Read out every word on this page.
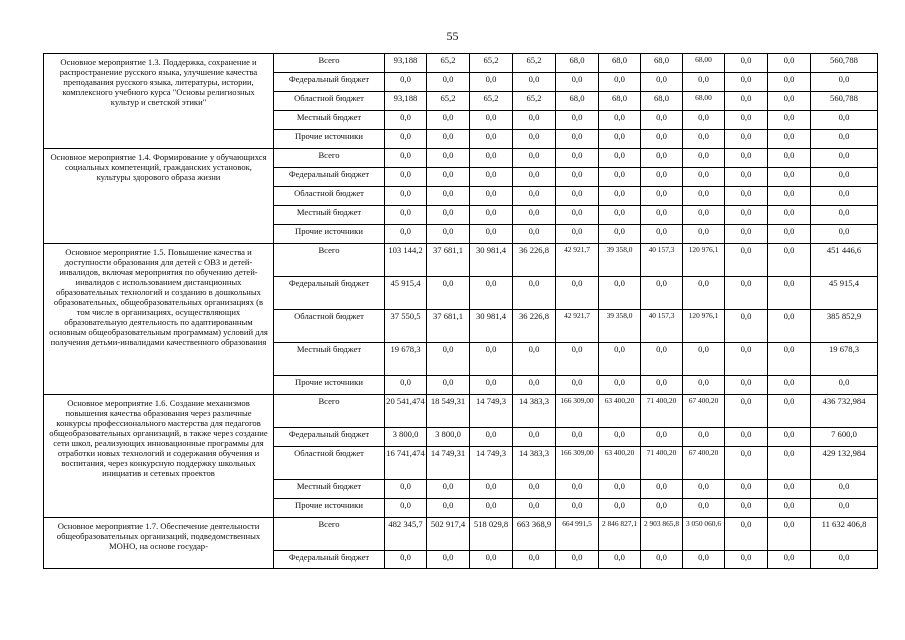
55
Основное мероприятие 1.3. Поддержка, сохранение и распространение русского языка, улучшение качества преподавания русского языка, литературы, истории, комплексного учебного курса "Основы религиозных культур и светской этики"	Всего	93,188	65,2	65,2	65,2	68,0	68,0	68,0	68,00	0,0	0,0	560,788
	Федеральный бюджет	0,0	0,0	0,0	0,0	0,0	0,0	0,0	0,0	0,0	0,0	0,0
	Областной бюджет	93,188	65,2	65,2	65,2	68,0	68,0	68,0	68,00	0,0	0,0	560,788
	Местный бюджет	0,0	0,0	0,0	0,0	0,0	0,0	0,0	0,0	0,0	0,0	0,0
	Прочие источники	0,0	0,0	0,0	0,0	0,0	0,0	0,0	0,0	0,0	0,0	0,0
Основное мероприятие 1.4. Формирование у обучающихся социальных компетенций, гражданских установок, культуры здорового образа жизни	Всего	0,0	0,0	0,0	0,0	0,0	0,0	0,0	0,0	0,0	0,0	0,0
	Федеральный бюджет	0,0	0,0	0,0	0,0	0,0	0,0	0,0	0,0	0,0	0,0	0,0
	Областной бюджет	0,0	0,0	0,0	0,0	0,0	0,0	0,0	0,0	0,0	0,0	0,0
	Местный бюджет	0,0	0,0	0,0	0,0	0,0	0,0	0,0	0,0	0,0	0,0	0,0
	Прочие источники	0,0	0,0	0,0	0,0	0,0	0,0	0,0	0,0	0,0	0,0	0,0
Основное мероприятие 1.5. Повышение качества и доступности образования для детей с ОВЗ и детей-инвалидов, включая мероприятия по обучению детей-инвалидов с использованием дистанционных образовательных технологий и созданию в дошкольных образовательных, общеобразовательных организациях (в том числе в организациях, осуществляющих образовательную деятельность по адаптированным основным общеобразовательным программам) условий для получения детьми-инвалидами качественного образования	Всего	103 144,2	37 681,1	30 981,4	36 226,8	42 921,7	39 358,0	40 157,3	120 976,1	0,0	0,0	451 446,6
	Федеральный бюджет	45 915,4	0,0	0,0	0,0	0,0	0,0	0,0	0,0	0,0	0,0	45 915,4
	Областной бюджет	37 550,5	37 681,1	30 981,4	36 226,8	42 921,7	39 358,0	40 157,3	120 976,1	0,0	0,0	385 852,9
	Местный бюджет	19 678,3	0,0	0,0	0,0	0,0	0,0	0,0	0,0	0,0	0,0	19 678,3
	Прочие источники	0,0	0,0	0,0	0,0	0,0	0,0	0,0	0,0	0,0	0,0	0,0
Основное мероприятие 1.6. Создание механизмов повышения качества образования через различные конкурсы профессионального мастерства для педагогов общеобразовательных организаций, в также через создание сети школ, реализующих инновационные программы для отработки новых технологий и содержания обучения и воспитания, через конкурсную поддержку школьных инициатив и сетевых проектов	Всего	20 541,474	18 549,31	14 749,3	14 383,3	166 309,00	63 400,20	71 400,20	67 400,20	0,0	0,0	436 732,984
	Федеральный бюджет	3 800,0	3 800,0	0,0	0,0	0,0	0,0	0,0	0,0	0,0	0,0	7 600,0
	Областной бюджет	16 741,474	14 749,31	14 749,3	14 383,3	166 309,00	63 400,20	71 400,20	67 400,20	0,0	0,0	429 132,984
	Местный бюджет	0,0	0,0	0,0	0,0	0,0	0,0	0,0	0,0	0,0	0,0	0,0
	Прочие источники	0,0	0,0	0,0	0,0	0,0	0,0	0,0	0,0	0,0	0,0	0,0
Основное мероприятие 1.7. Обеспечение деятельности общеобразовательных организаций, подведомственных МОНО, на основе государ-	Всего	482 345,7	502 917,4	518 029,8	663 368,9	664 991,5	2 846 827,1	2 903 865,8	3 050 060,6	0,0	0,0	11 632 406,8
	Федеральный бюджет	0,0	0,0	0,0	0,0	0,0	0,0	0,0	0,0	0,0	0,0	0,0
